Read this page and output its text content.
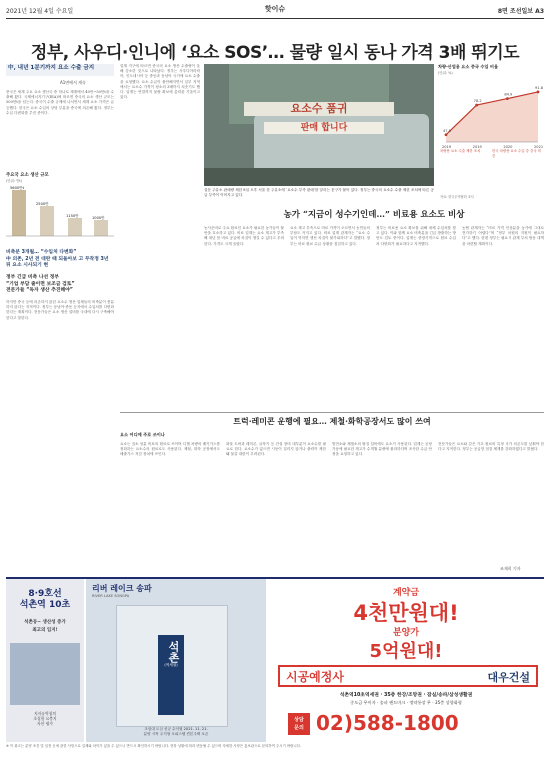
2021년 12월 4일 수요일	핫이슈	8면 조선일보 A3
정부, 사우디·인니에 ‘요소 SOS’… 물량 일시 동나 가격 3배 뛰기도
中, 내년 1분기까지 요소 수출 금지
A1면에서 계속
중국은 세계 주요 요소 생산국 중 하나로 세계에서 40만~50만t을 수출해 왔다. 국제에너지기구(IEA)에 따르면 중국의 요소 생산 규모는 500만t을 넘는다. 중국이 수출 규제에 나서면서 세계 요소 가격은 급등했다. 한국은 요소 수입의 상당 부분을 중국에 의존해 왔다. 정부는 수입 다변화를 추진 중이다.
주요국 요소 생산 규모
(단위: 만t)
5600만t
2500만
1150만	1000만
비축분 3개월… “수입처 다변화”
中 의존, 2년 전 대란 때 되돌아보 고 무작정 3년 뒤 요소 시사되기 현
정부 긴급 비축 나선 정부
“기업 부담 줄이면 보조금 검토”
전문가들 “독자 생산 추진해야”
하지만 중국 등에 의존하지 않던 요소수 생산 업체들의 비축분이 충분하지 않다는 지적이다. 정부는 동남아·중동 등지에서 수입처를 다변화한다는 계획이다. 전문가들은 요소 생산 설비를 국내에 다시 구축해야 한다고 말한다.
업계 지구에 따르면 중국의 요소 생산 수출량이 올해 감소한 것으로 나타났다. 정부는 사우디아라비아, 인도네시아 등 중동과 동남아 국가에 요소 수출을 요청했다. 요소 수급이 불안해지면서 일부 지역에서는 요소수 가격이 평소의 3배까지 치솟기도 했다. 업계는 연말까지 물량 확보에 총력을 기울이고 있다.
요소수 품귀
판매 합니다
설문 주유소 판매량 제한 8일 오후 서울 한 주유소에 ‘요소수 부족 판매’를 알리는 문구가 붙어 있다. 정부는 중국의 요소수 수출 제한 조치에 따른 공급 부족이 이어지고 있다.
차량·산업용 요소 중국 수입 비율
(단위: %)
47.5
2019
78.2
2019
84.9
2020
91.8
2021
차량용 요소 수출 제한 조치	한국 차량용 요소 수입 중 중국 비중
자료: 한국무역협회 조사
농가 “지금이 성수기인데…” 비료용 요소도 비상
농사준비로 주요 원료인 요소가 필요한 농가들이 불안을 호소하고 있다. 비료 업계는 요소 재고가 부족해 내년 봄 비료 공급에 차질이 생길 수 있다고 우려한다. 가격도 크게 올랐다.
요소 재고 부족으로 비료 가격이 오르면서 농민들의 부담도 커지고 있다. 비료 업계 관계자는 “요소 수입이 막히면 생산 차질이 불가피하다”고 말했다. 정부는 비료 원료 수급 상황을 점검하고 있다.
정부는 비료용 요소 확보를 위해 대체 수입처를 찾고 있다. 이와 함께 요소 비축분을 긴급 방출하는 방안도 검토 중이다. 업계는 중장기적으로 원료 수입처 다변화가 필요하다고 지적했다.
농협 관계자는 “비료 가격 인상분을 농가에 그대로 전가하기 어렵다”며 “정부 차원의 지원이 필요하다”고 했다. 한편 정부는 필요시 관계 부처 합동 대책을 마련할 계획이다.
트럭·레미콘 운행에 필요… 제철·화학공장서도 많이 쓰여
요소 어디에 주로 쓰이나
요소는 질소 성분 비료의 원료로 쓰이며 디젤 차량의 배기가스를 정화하는 요소수의 원료로도 사용된다. 제철, 화학 공장에서도 배출가스 저감 장치에 쓰인다.
화물 트럭과 레미콘, 굴착기 등 건설 장비 대부분이 요소수를 필요로 한다. 요소수가 없으면 시동이 걸리지 않거나 출력이 제한돼 물류 대란이 우려된다.
발전소와 제철소의 탈질 설비에도 요소가 사용된다. 업계는 공장 가동에 필요한 재고가 수개월 분량에 불과하다며 조속한 수급 안정을 요청하고 있다.
전문가들은 요소와 같은 기초 원료의 특정 국가 의존도를 낮춰야 한다고 지적한다. 정부는 공급망 점검 체계를 강화하겠다고 밝혔다.
조재희 기자
8·9호선
석촌역 10초
석촌동~ 생산성 증가
최고의 입지!
지자유역청의
초집합 요충지
자산 평가
리버 레이크 송파
RIVER LAKE SONGPA
석촌
(역세권)
초임대 도심 신규 수익형 2021. 11. 21.
분양 시작 주거형 오피스텔 견본주택 오픈
계약금
4천만원대!
분양가
5억원대!
시공예정사	대우건설
석촌역10초역세권 · 35층 한강/조망권 · 잠실/송파/삼성생활권
중도금 무이자 · 송파 랜드마크 · 정약통장 무 · 35층 상향화형
상담
문의 02)588-1800
※ 이 광고는 분양 조건 및 일정 등에 관한 사항으로 실제와 차이가 있을 수 있으니 반드시 확인하시기 바랍니다. 현장 상황에 따라 변동될 수 있으며 자세한 사항은 홍보관으로 문의하여 주시기 바랍니다.
